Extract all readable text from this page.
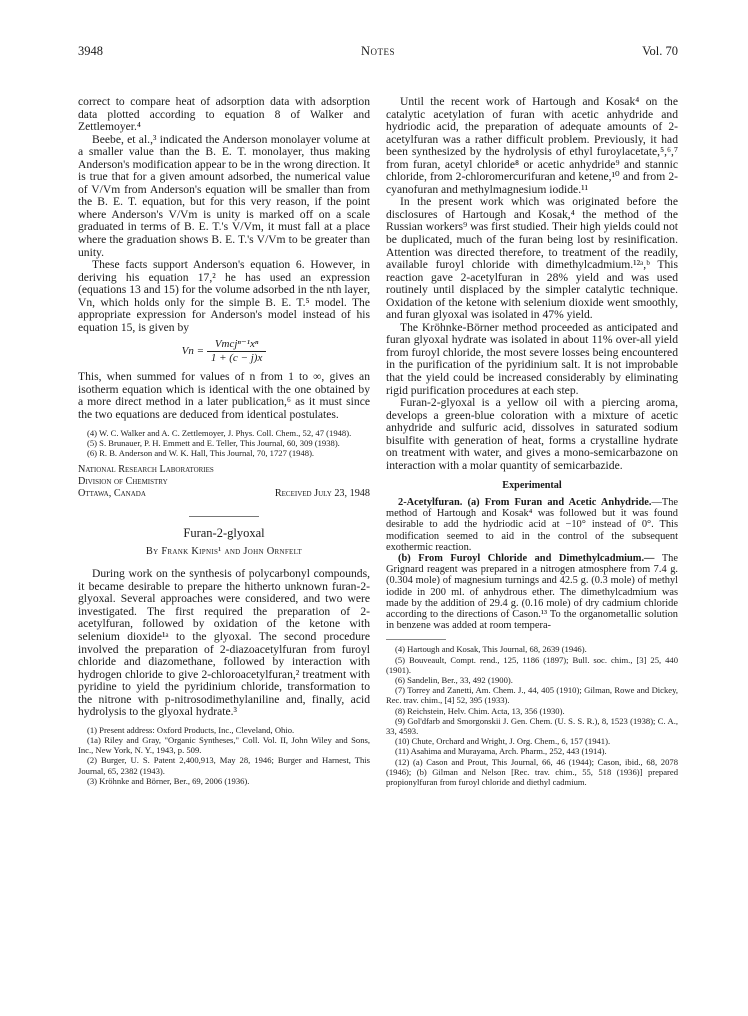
3948	Notes	Vol. 70

correct to compare heat of adsorption data with adsorption data plotted according to equation 8 of Walker and Zettlemoyer.⁴

Beebe, et al.,³ indicated the Anderson monolayer volume at a smaller value than the B. E. T. monolayer, thus making Anderson's modification appear to be in the wrong direction. It is true that for a given amount adsorbed, the numerical value of V/Vm from Anderson's equation will be smaller than from the B. E. T. equation, but for this very reason, if the point where Anderson's V/Vm is unity is marked off on a scale graduated in terms of B. E. T.'s V/Vm, it must fall at a place where the graduation shows B. E. T.'s V/Vm to be greater than unity.

These facts support Anderson's equation 6. However, in deriving his equation 17,² he has used an expression (equations 13 and 15) for the volume adsorbed in the nth layer, Vn, which holds only for the simple B. E. T.⁵ model. The appropriate expression for Anderson's model instead of his equation 15, is given by

Vn =
Vmcjⁿ⁻¹xⁿ
1 + (c − j)x

This, when summed for values of n from 1 to ∞, gives an isotherm equation which is identical with the one obtained by a more direct method in a later publication,⁶ as it must since the two equations are deduced from identical postulates.

(4) W. C. Walker and A. C. Zettlemoyer, J. Phys. Coll. Chem., 52, 47 (1948).

(5) S. Brunauer, P. H. Emmett and E. Teller, This Journal, 60, 309 (1938).

(6) R. B. Anderson and W. K. Hall, This Journal, 70, 1727 (1948).

National Research Laboratories
Division of Chemistry
Ottawa, Canada	Received July 23, 1948
Furan-2-glyoxal
By Frank Kipnis¹ and John Ornfelt

During work on the synthesis of polycarbonyl compounds, it became desirable to prepare the hitherto unknown furan-2-glyoxal. Several approaches were considered, and two were investigated. The first required the preparation of 2-acetylfuran, followed by oxidation of the ketone with selenium dioxide¹ᵃ to the glyoxal. The second procedure involved the preparation of 2-diazoacetylfuran from furoyl chloride and diazomethane, followed by interaction with hydrogen chloride to give 2-chloroacetylfuran,² treatment with pyridine to yield the pyridinium chloride, transformation to the nitrone with p-nitrosodimethylaniline and, finally, acid hydrolysis to the glyoxal hydrate.³

(1) Present address: Oxford Products, Inc., Cleveland, Ohio.

(1a) Riley and Gray, "Organic Syntheses," Coll. Vol. II, John Wiley and Sons, Inc., New York, N. Y., 1943, p. 509.

(2) Burger, U. S. Patent 2,400,913, May 28, 1946; Burger and Harnest, This Journal, 65, 2382 (1943).

(3) Kröhnke and Börner, Ber., 69, 2006 (1936).

Until the recent work of Hartough and Kosak⁴ on the catalytic acetylation of furan with acetic anhydride and hydriodic acid, the preparation of adequate amounts of 2-acetylfuran was a rather difficult problem. Previously, it had been synthesized by the hydrolysis of ethyl furoylacetate,⁵,⁶,⁷ from furan, acetyl chloride⁸ or acetic anhydride⁹ and stannic chloride, from 2-chloromercurifuran and ketene,¹⁰ and from 2-cyanofuran and methylmagnesium iodide.¹¹

In the present work which was originated before the disclosures of Hartough and Kosak,⁴ the method of the Russian workers⁹ was first studied. Their high yields could not be duplicated, much of the furan being lost by resinification. Attention was directed therefore, to treatment of the readily, available furoyl chloride with dimethylcadmium.¹²ᵃ,ᵇ This reaction gave 2-acetylfuran in 28% yield and was used routinely until displaced by the simpler catalytic technique. Oxidation of the ketone with selenium dioxide went smoothly, and furan glyoxal was isolated in 47% yield.

The Kröhnke-Börner method proceeded as anticipated and furan glyoxal hydrate was isolated in about 11% over-all yield from furoyl chloride, the most severe losses being encountered in the purification of the pyridinium salt. It is not improbable that the yield could be increased considerably by eliminating rigid purification procedures at each step.

Furan-2-glyoxal is a yellow oil with a piercing aroma, develops a green-blue coloration with a mixture of acetic anhydride and sulfuric acid, dissolves in saturated sodium bisulfite with generation of heat, forms a crystalline hydrate on treatment with water, and gives a mono-semicarbazone on interaction with a molar quantity of semicarbazide.

Experimental

2-Acetylfuran. (a) From Furan and Acetic Anhydride.—The method of Hartough and Kosak⁴ was followed but it was found desirable to add the hydriodic acid at −10° instead of 0°. This modification seemed to aid in the control of the subsequent exothermic reaction.

(b) From Furoyl Chloride and Dimethylcadmium.— The Grignard reagent was prepared in a nitrogen atmosphere from 7.4 g. (0.304 mole) of magnesium turnings and 42.5 g. (0.3 mole) of methyl iodide in 200 ml. of anhydrous ether. The dimethylcadmium was made by the addition of 29.4 g. (0.16 mole) of dry cadmium chloride according to the directions of Cason.¹³ To the organometallic solution in benzene was added at room tempera-

(4) Hartough and Kosak, This Journal, 68, 2639 (1946).

(5) Bouveault, Compt. rend., 125, 1186 (1897); Bull. soc. chim., [3] 25, 440 (1901).

(6) Sandelin, Ber., 33, 492 (1900).

(7) Torrey and Zanetti, Am. Chem. J., 44, 405 (1910); Gilman, Rowe and Dickey, Rec. trav. chim., [4] 52, 395 (1933).

(8) Reichstein, Helv. Chim. Acta, 13, 356 (1930).

(9) Gol'dfarb and Smorgonskii J. Gen. Chem. (U. S. S. R.), 8, 1523 (1938); C. A., 33, 4593.

(10) Chute, Orchard and Wright, J. Org. Chem., 6, 157 (1941).

(11) Asahima and Murayama, Arch. Pharm., 252, 443 (1914).

(12) (a) Cason and Prout, This Journal, 66, 46 (1944); Cason, ibid., 68, 2078 (1946); (b) Gilman and Nelson [Rec. trav. chim., 55, 518 (1936)] prepared propionylfuran from furoyl chloride and diethyl cadmium.
